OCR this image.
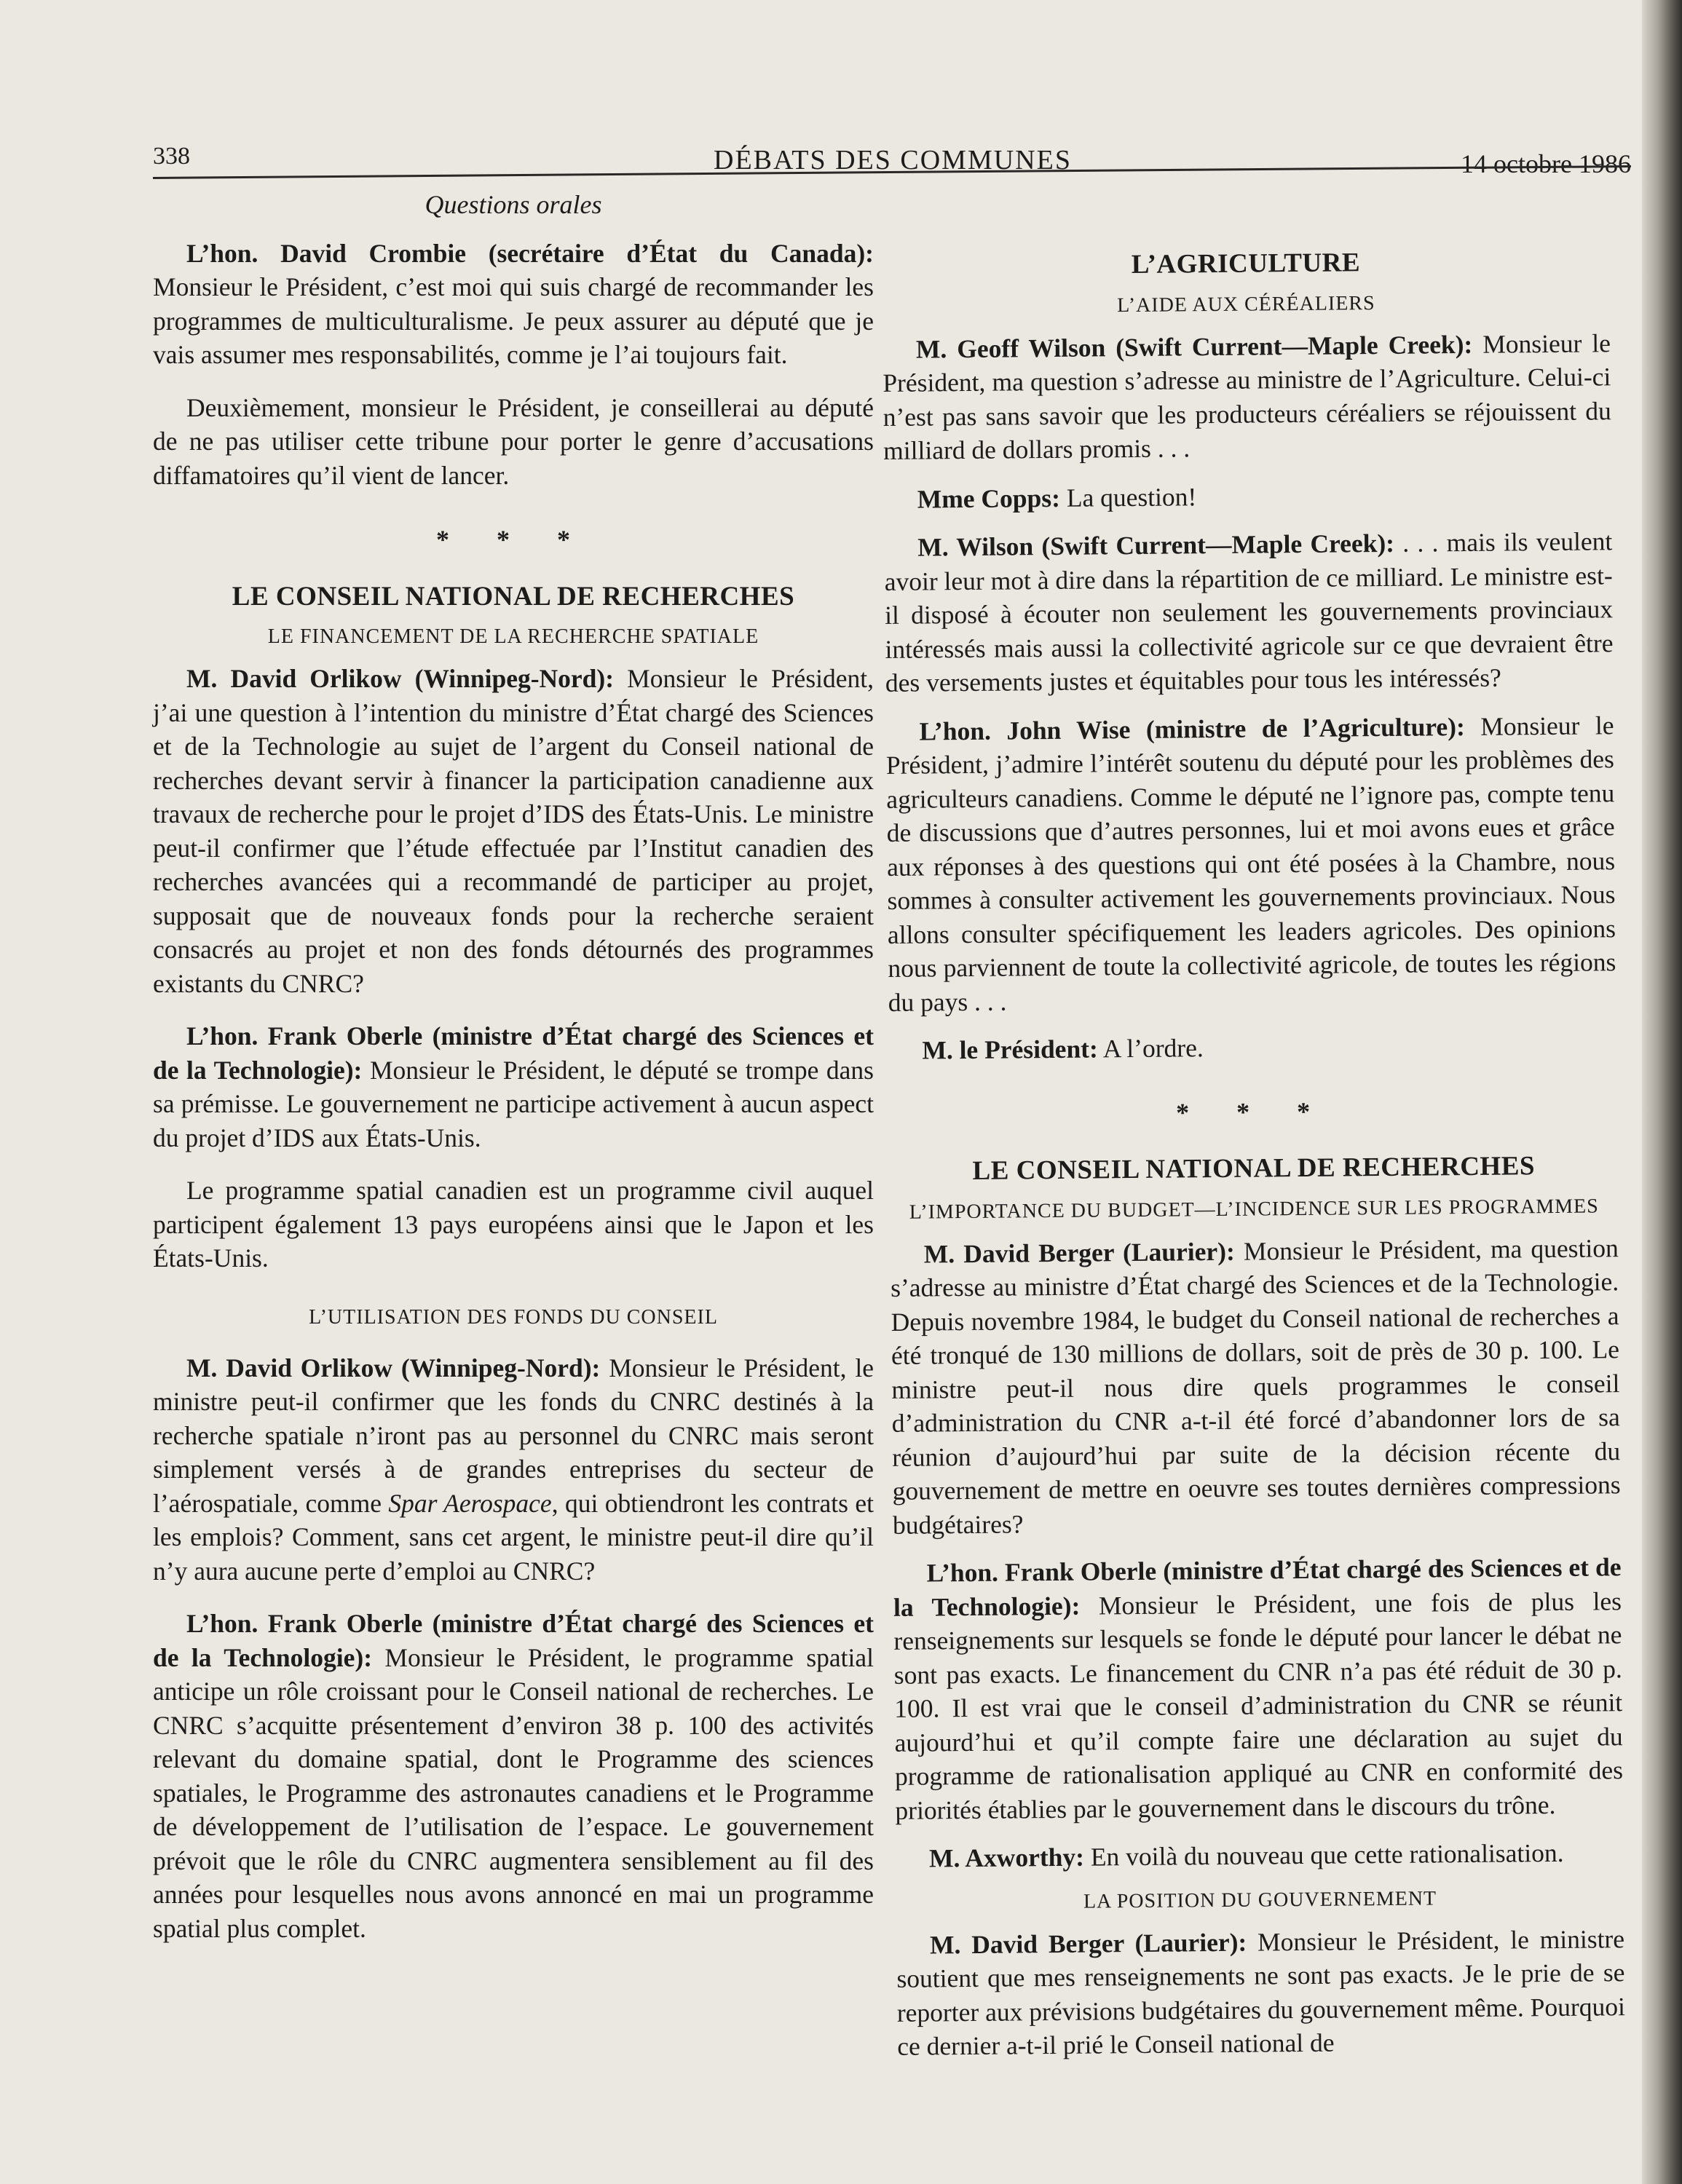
338	DÉBATS DES COMMUNES	14 octobre 1986
Questions orales

L’hon. David Crombie (secrétaire d’État du Canada): Monsieur le Président, c’est moi qui suis chargé de recommander les programmes de multiculturalisme. Je peux assurer au député que je vais assumer mes responsabilités, comme je l’ai toujours fait.

Deuxièmement, monsieur le Président, je conseillerai au député de ne pas utiliser cette tribune pour porter le genre d’accusations diffamatoires qu’il vient de lancer.

* * *
LE CONSEIL NATIONAL DE RECHERCHES
LE FINANCEMENT DE LA RECHERCHE SPATIALE

M. David Orlikow (Winnipeg-Nord): Monsieur le Président, j’ai une question à l’intention du ministre d’État chargé des Sciences et de la Technologie au sujet de l’argent du Conseil national de recherches devant servir à financer la participation canadienne aux travaux de recherche pour le projet d’IDS des États-Unis. Le ministre peut-il confirmer que l’étude effectuée par l’Institut canadien des recherches avancées qui a recommandé de participer au projet, supposait que de nouveaux fonds pour la recherche seraient consacrés au projet et non des fonds détournés des programmes existants du CNRC?

L’hon. Frank Oberle (ministre d’État chargé des Sciences et de la Technologie): Monsieur le Président, le député se trompe dans sa prémisse. Le gouvernement ne participe activement à aucun aspect du projet d’IDS aux États-Unis.

Le programme spatial canadien est un programme civil auquel participent également 13 pays européens ainsi que le Japon et les États-Unis.

L’UTILISATION DES FONDS DU CONSEIL

M. David Orlikow (Winnipeg-Nord): Monsieur le Président, le ministre peut-il confirmer que les fonds du CNRC destinés à la recherche spatiale n’iront pas au personnel du CNRC mais seront simplement versés à de grandes entreprises du secteur de l’aérospatiale, comme Spar Aerospace, qui obtiendront les contrats et les emplois? Comment, sans cet argent, le ministre peut-il dire qu’il n’y aura aucune perte d’emploi au CNRC?

L’hon. Frank Oberle (ministre d’État chargé des Sciences et de la Technologie): Monsieur le Président, le programme spatial anticipe un rôle croissant pour le Conseil national de recherches. Le CNRC s’acquitte présentement d’environ 38 p. 100 des activités relevant du domaine spatial, dont le Programme des sciences spatiales, le Programme des astronautes canadiens et le Programme de développement de l’utilisation de l’espace. Le gouvernement prévoit que le rôle du CNRC augmentera sensiblement au fil des années pour lesquelles nous avons annoncé en mai un programme spatial plus complet.

L’AGRICULTURE
L’AIDE AUX CÉRÉALIERS

M. Geoff Wilson (Swift Current—Maple Creek): Monsieur le Président, ma question s’adresse au ministre de l’Agriculture. Celui-ci n’est pas sans savoir que les producteurs céréaliers se réjouissent du milliard de dollars promis . . .

Mme Copps: La question!

M. Wilson (Swift Current—Maple Creek): . . . mais ils veulent avoir leur mot à dire dans la répartition de ce milliard. Le ministre est-il disposé à écouter non seulement les gouvernements provinciaux intéressés mais aussi la collectivité agricole sur ce que devraient être des versements justes et équitables pour tous les intéressés?

L’hon. John Wise (ministre de l’Agriculture): Monsieur le Président, j’admire l’intérêt soutenu du député pour les problèmes des agriculteurs canadiens. Comme le député ne l’ignore pas, compte tenu de discussions que d’autres personnes, lui et moi avons eues et grâce aux réponses à des questions qui ont été posées à la Chambre, nous sommes à consulter activement les gouvernements provinciaux. Nous allons consulter spécifiquement les leaders agricoles. Des opinions nous parviennent de toute la collectivité agricole, de toutes les régions du pays . . .

M. le Président: A l’ordre.

* * *
LE CONSEIL NATIONAL DE RECHERCHES
L’IMPORTANCE DU BUDGET—L’INCIDENCE SUR LES PROGRAMMES

M. David Berger (Laurier): Monsieur le Président, ma question s’adresse au ministre d’État chargé des Sciences et de la Technologie. Depuis novembre 1984, le budget du Conseil national de recherches a été tronqué de 130 millions de dollars, soit de près de 30 p. 100. Le ministre peut-il nous dire quels programmes le conseil d’administration du CNR a-t-il été forcé d’abandonner lors de sa réunion d’aujourd’hui par suite de la décision récente du gouvernement de mettre en oeuvre ses toutes dernières compressions budgétaires?

L’hon. Frank Oberle (ministre d’État chargé des Sciences et de la Technologie): Monsieur le Président, une fois de plus les renseignements sur lesquels se fonde le député pour lancer le débat ne sont pas exacts. Le financement du CNR n’a pas été réduit de 30 p. 100. Il est vrai que le conseil d’administration du CNR se réunit aujourd’hui et qu’il compte faire une déclaration au sujet du programme de rationalisation appliqué au CNR en conformité des priorités établies par le gouvernement dans le discours du trône.

M. Axworthy: En voilà du nouveau que cette rationalisation.

LA POSITION DU GOUVERNEMENT

M. David Berger (Laurier): Monsieur le Président, le ministre soutient que mes renseignements ne sont pas exacts. Je le prie de se reporter aux prévisions budgétaires du gouvernement même. Pourquoi ce dernier a-t-il prié le Conseil national de
